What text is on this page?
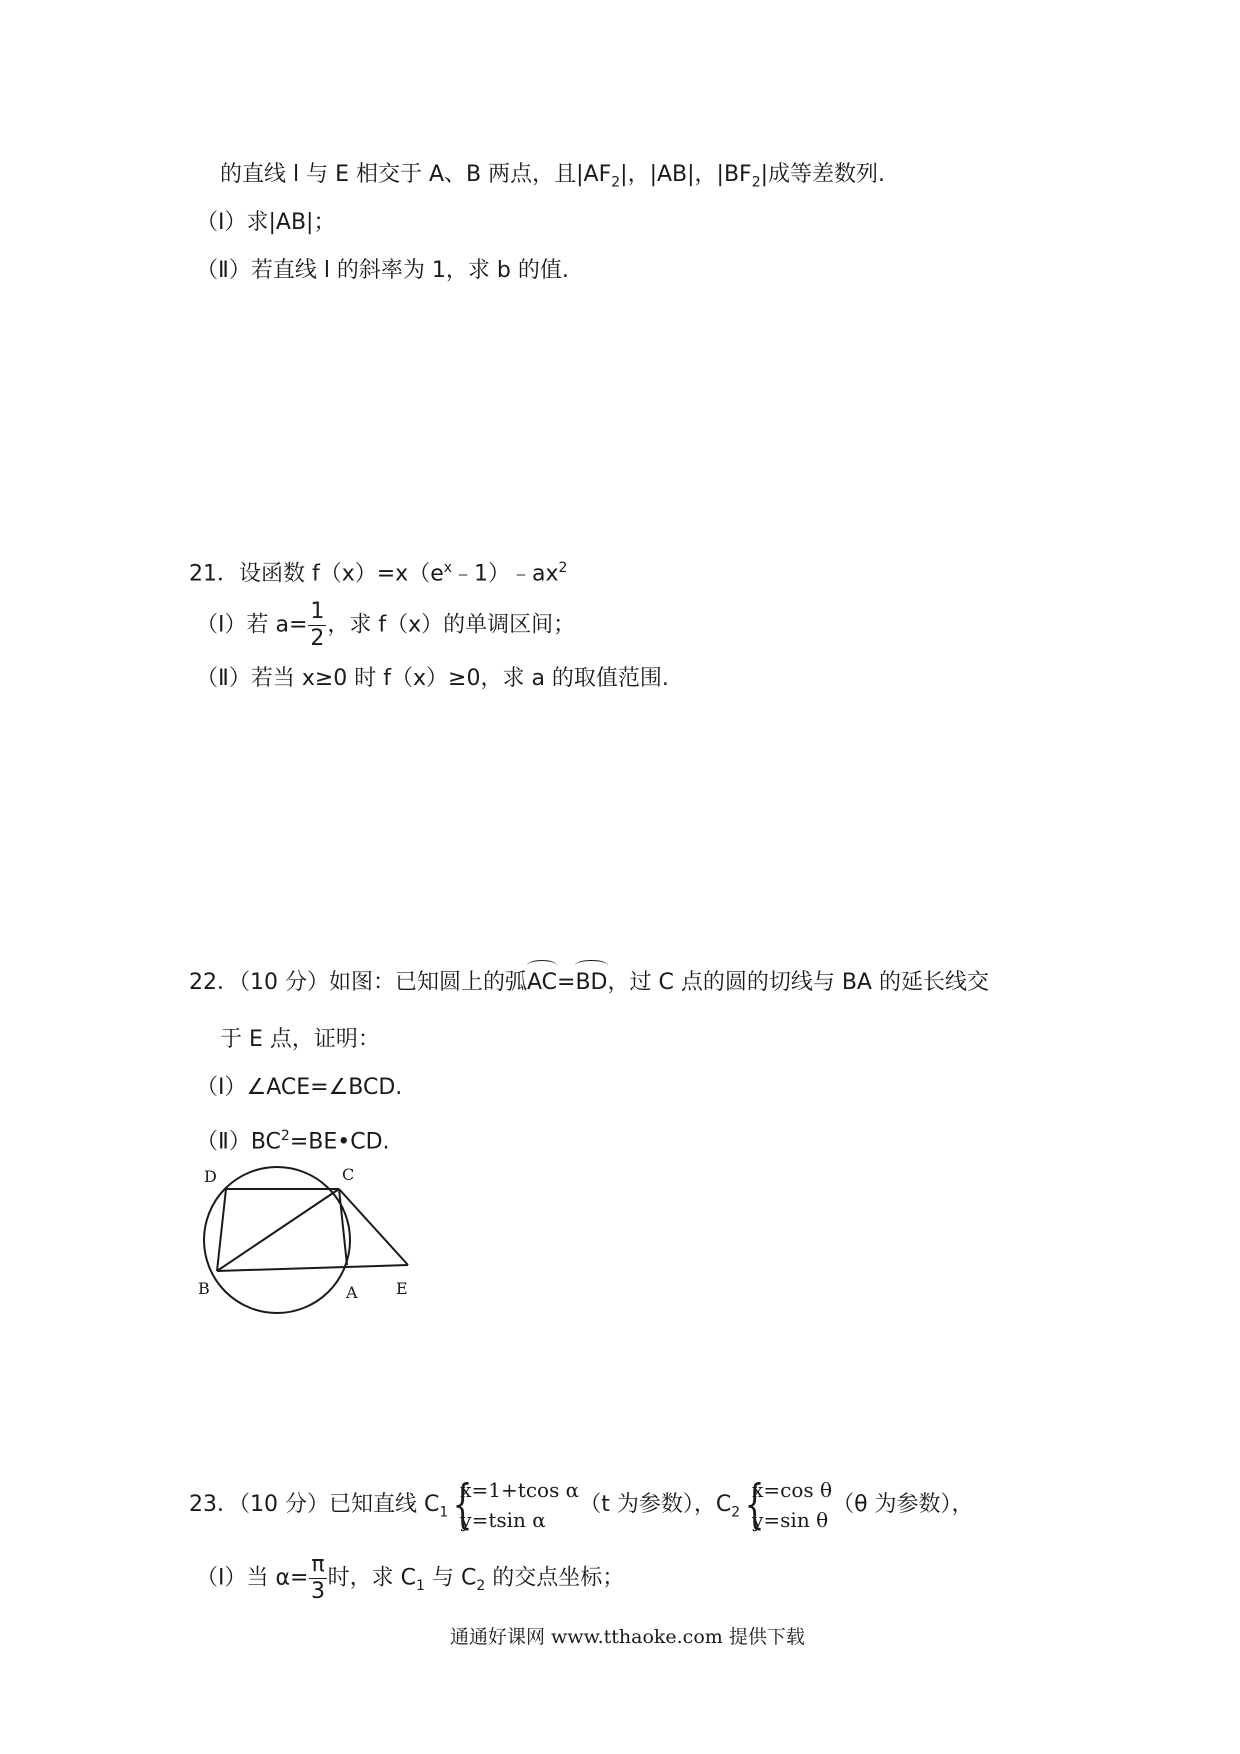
的直线 l 与 E 相交于 A、B 两点，且$|AF_2|$，|AB|，$|BF_2|$成等差数列.
（Ⅰ）求|AB|；
（Ⅱ）若直线 l 的斜率为 1，求 b 的值.
21．设函数 $f(x)=x(e^x﹣1)﹣ax^2$
（Ⅰ）若 $a= \frac{1}{2}$ ，求 f（x）的单调区间；
（Ⅱ）若当 x≥0 时 f（x）≥0，求 a 的取值范围.
22．（10 分）如图：已知圆上的弧AC=BD，过 C 点的圆的切线与 BA 的延长线交
于 E 点，证明：
（Ⅰ）∠ACE=∠BCD.
$(Ⅱ)BC^2=BE•CD$.
D	C
B	A E
23．（10 分）已知直线 $C_1$
{ x=1+tcos α
y=tsin α
（t 为参数），$C_2$
{ x=cos θ
y=sin θ
（θ 为参数），
（Ⅰ）当 $\alpha= \frac{\pi}{3}$ 时，求 $C_1$ 与 $C_2$ 的交点坐标；
通通好课网 www.tthaoke.com 提供下载
